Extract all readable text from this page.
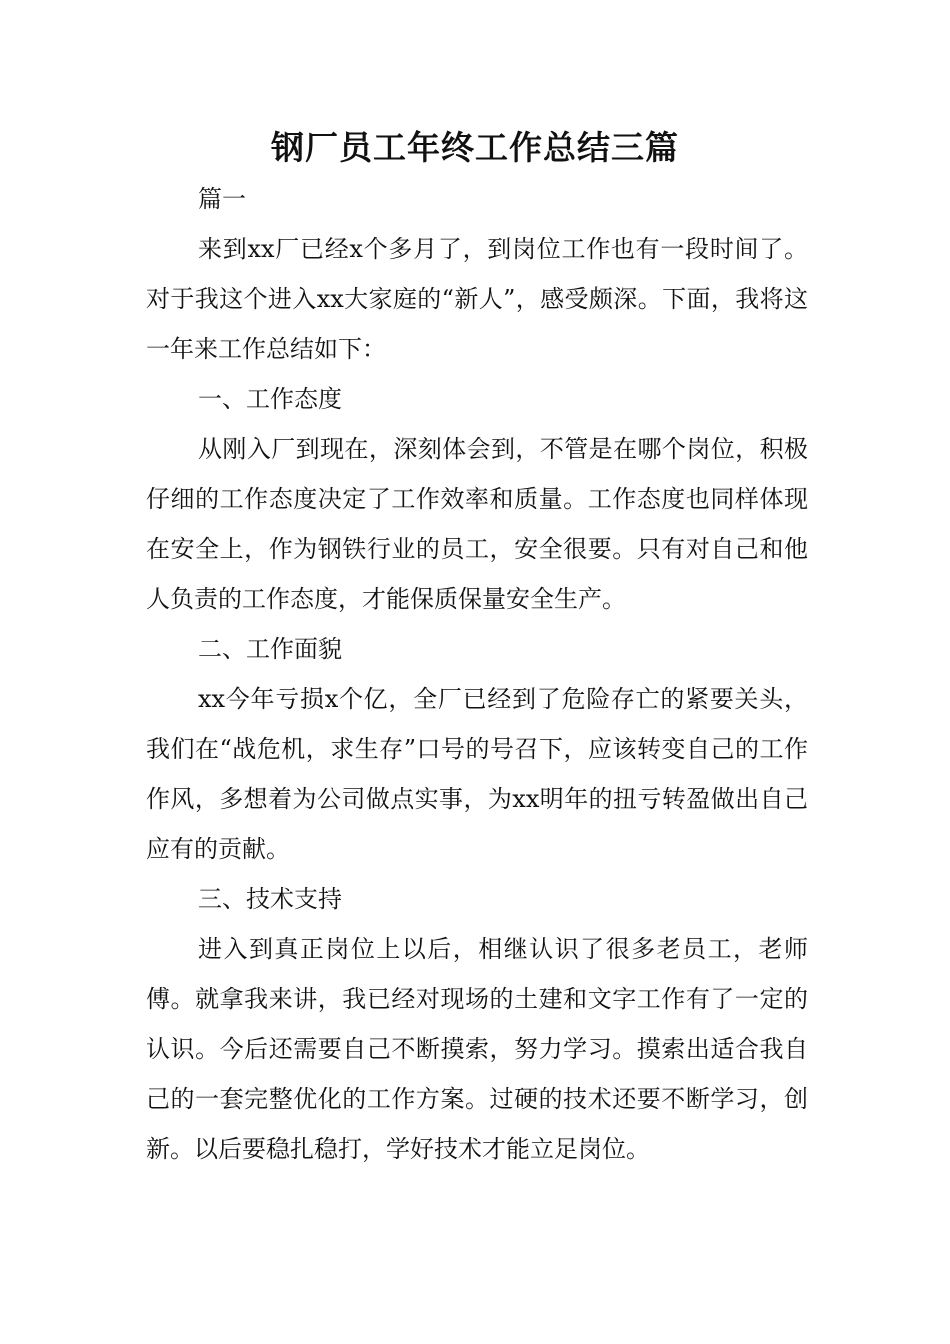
钢厂员工年终工作总结三篇

篇一

来到xx厂已经x个多月了，到岗位工作也有一段时间了。对于我这个进入xx大家庭的“新人”，感受颇深。下面，我将这一年来工作总结如下：

一、工作态度

从刚入厂到现在，深刻体会到，不管是在哪个岗位，积极仔细的工作态度决定了工作效率和质量。工作态度也同样体现在安全上，作为钢铁行业的员工，安全很要。只有对自己和他人负责的工作态度，才能保质保量安全生产。

二、工作面貌

xx今年亏损x个亿，全厂已经到了危险存亡的紧要关头，我们在“战危机，求生存”口号的号召下，应该转变自己的工作作风，多想着为公司做点实事，为xx明年的扭亏转盈做出自己应有的贡献。

三、技术支持

进入到真正岗位上以后，相继认识了很多老员工，老师傅。就拿我来讲，我已经对现场的土建和文字工作有了一定的认识。今后还需要自己不断摸索，努力学习。摸索出适合我自己的一套完整优化的工作方案。过硬的技术还要不断学习，创新。以后要稳扎稳打，学好技术才能立足岗位。
